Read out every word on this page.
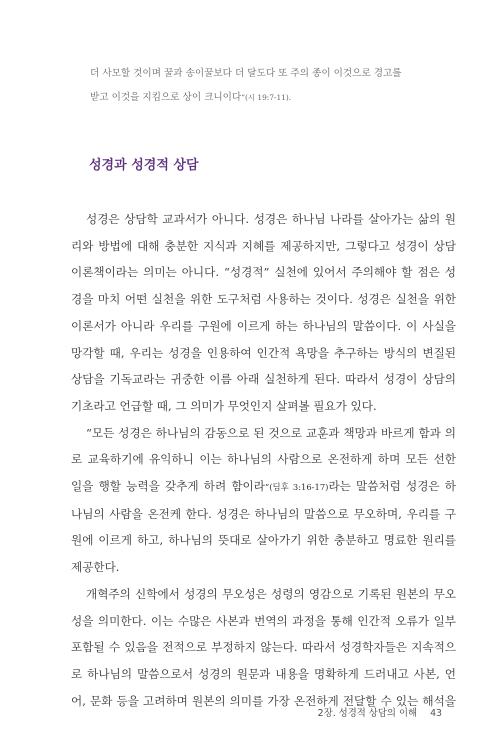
더 사모할 것이며 꿀과 송이꿀보다 더 달도다 또 주의 종이 이것으로 경고를
받고 이것을 지킴으로 상이 크니이다”(시 19:7-11).
성경과 성경적 상담
성경은 상담학 교과서가 아니다. 성경은 하나님 나라를 살아가는 삶의 원
리와 방법에 대해 충분한 지식과 지혜를 제공하지만, 그렇다고 성경이 상담
이론책이라는 의미는 아니다. “성경적” 실천에 있어서 주의해야 할 점은 성
경을 마치 어떤 실천을 위한 도구처럼 사용하는 것이다. 성경은 실천을 위한
이론서가 아니라 우리를 구원에 이르게 하는 하나님의 말씀이다. 이 사실을
망각할 때, 우리는 성경을 인용하여 인간적 욕망을 추구하는 방식의 변질된
상담을 기독교라는 귀중한 이름 아래 실천하게 된다. 따라서 성경이 상담의
기초라고 언급할 때, 그 의미가 무엇인지 살펴볼 필요가 있다.
“모든 성경은 하나님의 감동으로 된 것으로 교훈과 책망과 바르게 함과 의
로 교육하기에 유익하니 이는 하나님의 사람으로 온전하게 하며 모든 선한
일을 행할 능력을 갖추게 하려 함이라”(딤후 3:16-17)라는 말씀처럼 성경은 하
나님의 사람을 온전케 한다. 성경은 하나님의 말씀으로 무오하며, 우리를 구
원에 이르게 하고, 하나님의 뜻대로 살아가기 위한 충분하고 명료한 원리를
제공한다.
개혁주의 신학에서 성경의 무오성은 성령의 영감으로 기록된 원본의 무오
성을 의미한다. 이는 수많은 사본과 번역의 과정을 통해 인간적 오류가 일부
포함될 수 있음을 전적으로 부정하지 않는다. 따라서 성경학자들은 지속적으
로 하나님의 말씀으로서 성경의 원문과 내용을 명확하게 드러내고 사본, 언
어, 문화 등을 고려하며 원본의 의미를 가장 온전하게 전달할 수 있는 해석을
2장. 성경적 상담의 이해 43
